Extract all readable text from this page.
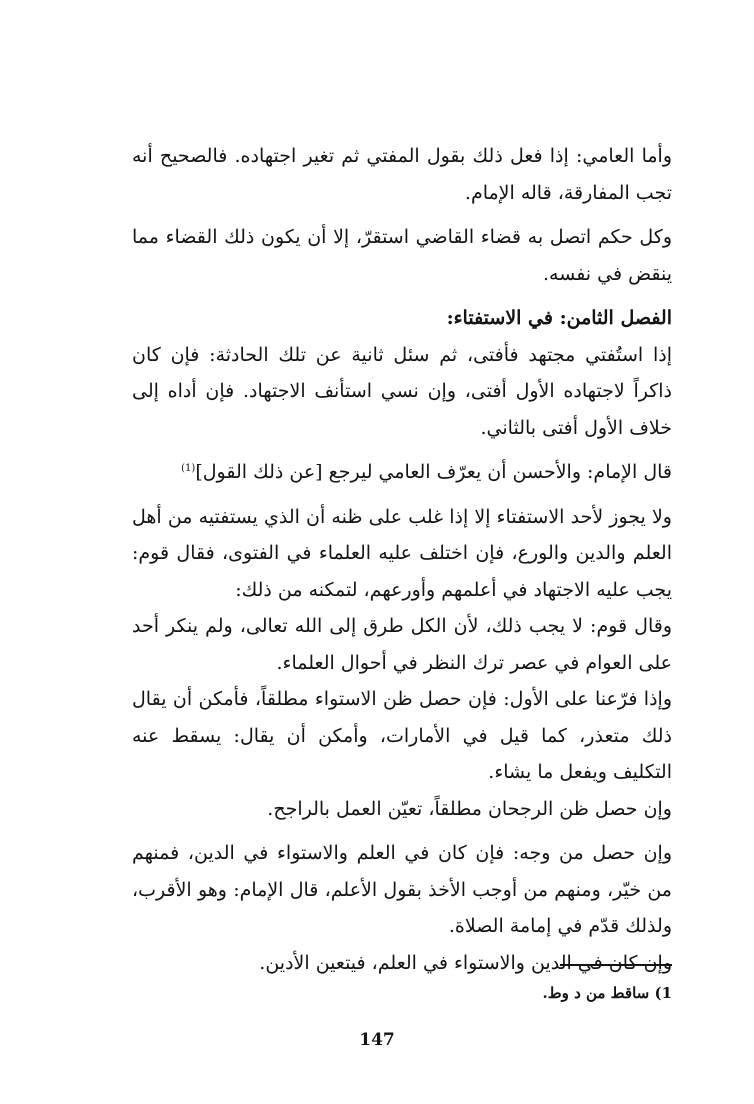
وأما العامي: إذا فعل ذلك بقول المفتي ثم تغير اجتهاده. فالصحيح أنه تجب المفارقة، قاله الإمام.

وكل حكم اتصل به قضاء القاضي استقرّ، إلا أن يكون ذلك القضاء مما ينقض في نفسه.

الفصل الثامن: في الاستفتاء:

إذا استُفتي مجتهد فأفتى، ثم سئل ثانية عن تلك الحادثة: فإن كان ذاكراً لاجتهاده الأول أفتى، وإن نسي استأنف الاجتهاد. فإن أداه إلى خلاف الأول أفتى بالثاني.

قال الإمام: والأحسن أن يعرّف العامي ليرجع [عن ذلك القول]$^{(1)}$

ولا يجوز لأحد الاستفتاء إلا إذا غلب على ظنه أن الذي يستفتيه من أهل العلم والدين والورع، فإن اختلف عليه العلماء في الفتوى، فقال قوم: يجب عليه الاجتهاد في أعلمهم وأورعهم، لتمكنه من ذلك:

وقال قوم: لا يجب ذلك، لأن الكل طرق إلى الله تعالى، ولم ينكر أحد على العوام في عصر ترك النظر في أحوال العلماء.

وإذا فرّعنا على الأول: فإن حصل ظن الاستواء مطلقاً، فأمكن أن يقال ذلك متعذر، كما قيل في الأمارات، وأمكن أن يقال: يسقط عنه التكليف ويفعل ما يشاء.

وإن حصل ظن الرجحان مطلقاً، تعيّن العمل بالراجح.

وإن حصل من وجه: فإن كان في العلم والاستواء في الدين، فمنهم من خيّر، ومنهم من أوجب الأخذ بقول الأعلم، قال الإمام: وهو الأقرب، ولذلك قدّم في إمامة الصلاة.

وإن كان في الدين والاستواء في العلم، فيتعين الأدين.

1) ساقط من د وط.
147
